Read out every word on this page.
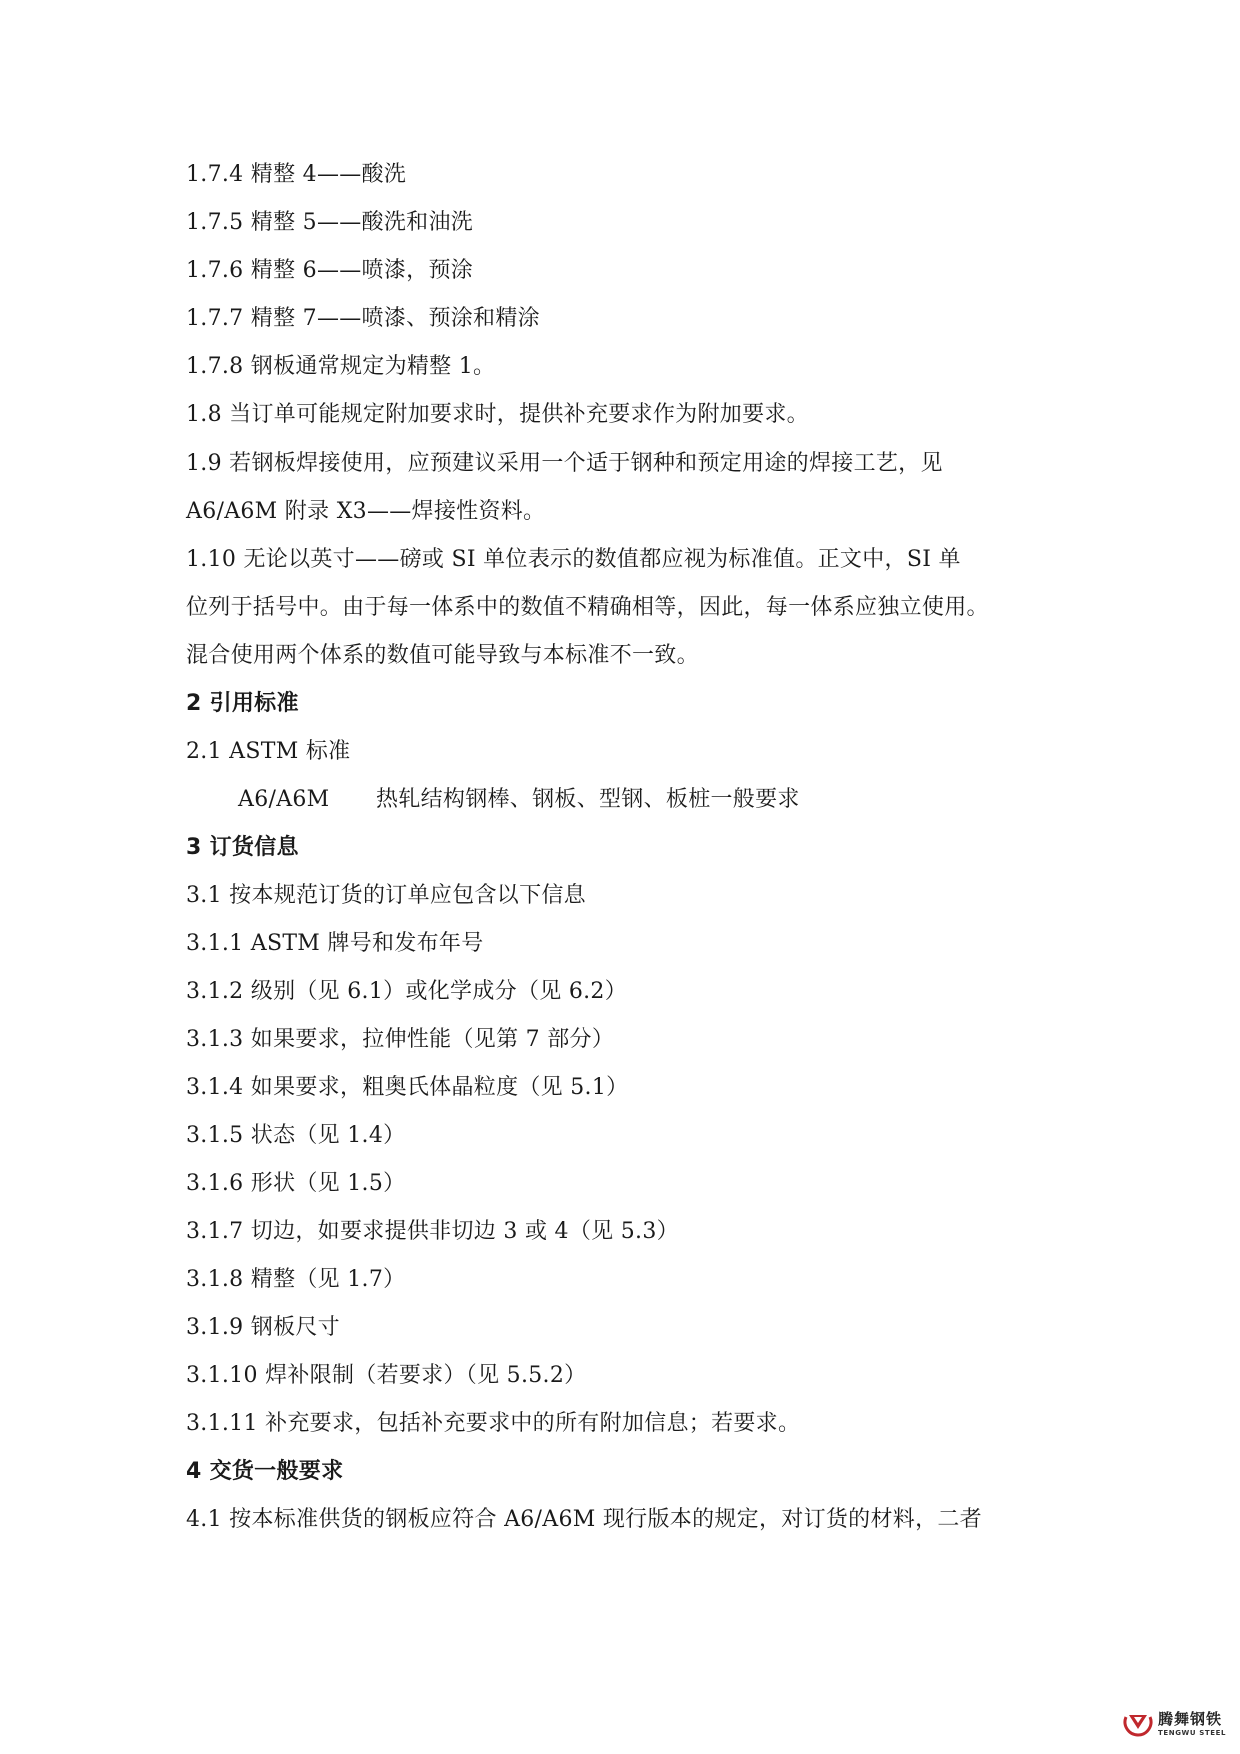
1.7.4 精整 4——酸洗
1.7.5 精整 5——酸洗和油洗
1.7.6 精整 6——喷漆，预涂
1.7.7 精整 7——喷漆、预涂和精涂
1.7.8 钢板通常规定为精整 1。
1.8 当订单可能规定附加要求时，提供补充要求作为附加要求。
1.9 若钢板焊接使用，应预建议采用一个适于钢种和预定用途的焊接工艺，见
A6/A6M 附录 X3——焊接性资料。
1.10 无论以英寸——磅或 SI 单位表示的数值都应视为标准值。正文中，SI 单
位列于括号中。由于每一体系中的数值不精确相等，因此，每一体系应独立使用。
混合使用两个体系的数值可能导致与本标准不一致。
2 引用标准
2.1 ASTM 标准
A6/A6M 热轧结构钢棒、钢板、型钢、板桩一般要求
3 订货信息
3.1 按本规范订货的订单应包含以下信息
3.1.1 ASTM 牌号和发布年号
3.1.2 级别（见 6.1）或化学成分（见 6.2）
3.1.3 如果要求，拉伸性能（见第 7 部分）
3.1.4 如果要求，粗奥氏体晶粒度（见 5.1）
3.1.5 状态（见 1.4）
3.1.6 形状（见 1.5）
3.1.7 切边，如要求提供非切边 3 或 4（见 5.3）
3.1.8 精整（见 1.7）
3.1.9 钢板尺寸
3.1.10 焊补限制（若要求）（见 5.5.2）
3.1.11 补充要求，包括补充要求中的所有附加信息；若要求。
4 交货一般要求
4.1 按本标准供货的钢板应符合 A6/A6M 现行版本的规定，对订货的材料，二者
腾舞钢铁
TENGWU STEEL
